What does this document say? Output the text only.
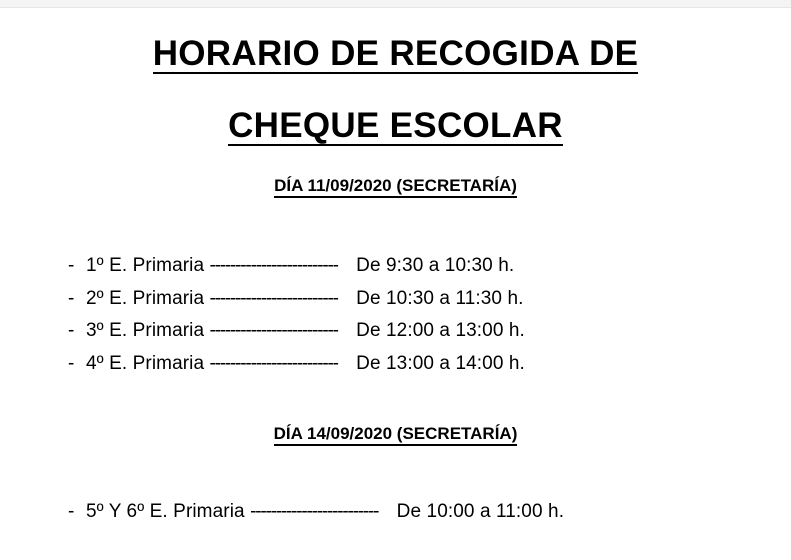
HORARIO DE RECOGIDA DE
CHEQUE ESCOLAR
DÍA 11/09/2020 (SECRETARÍA)
- 1º E. Primaria ------------------------- De 9:30 a 10:30 h.
- 2º E. Primaria ------------------------- De 10:30 a 11:30 h.
- 3º E. Primaria ------------------------- De 12:00 a 13:00 h.
- 4º E. Primaria ------------------------- De 13:00 a 14:00 h.
DÍA 14/09/2020 (SECRETARÍA)
- 5º Y 6º E. Primaria ------------------------- De 10:00 a 11:00 h.
